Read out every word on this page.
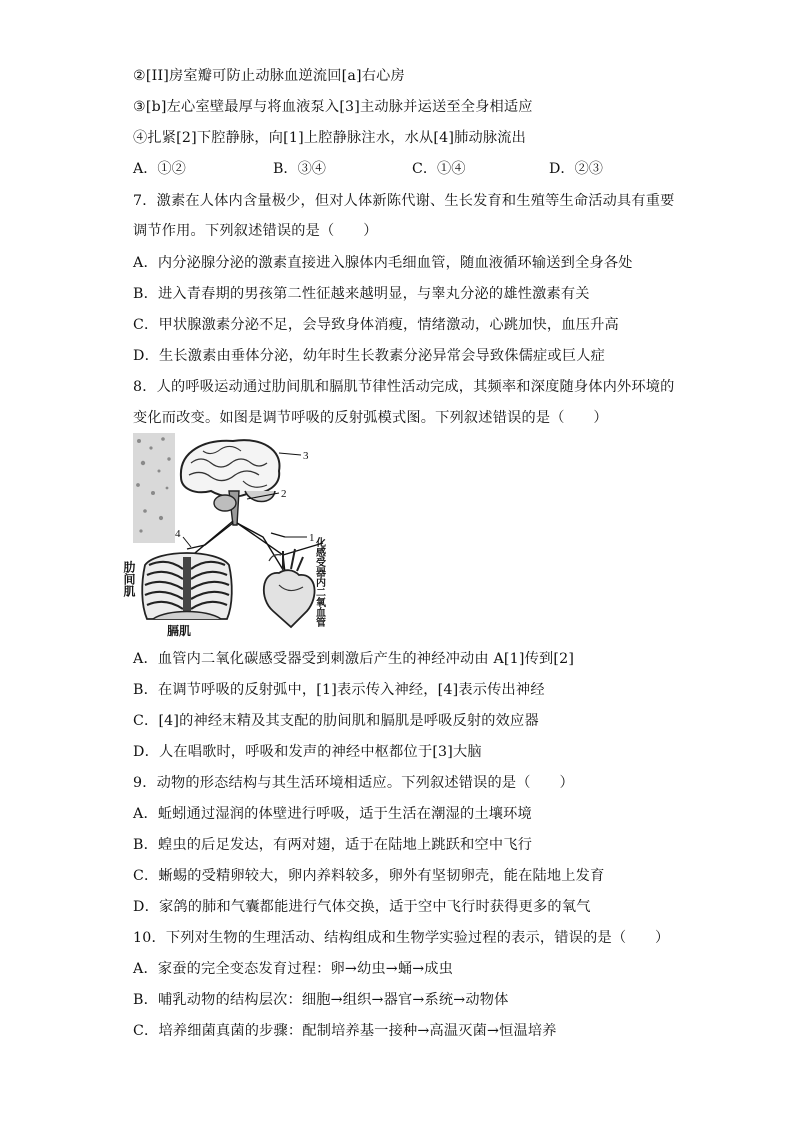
②[II]房室瓣可防止动脉血逆流回[a]右心房
③[b]左心室壁最厚与将血液泵入[3]主动脉并运送至全身相适应
④扎紧[2]下腔静脉，向[1]上腔静脉注水，水从[4]肺动脉流出
A．①②	B．③④	C．①④	D．②③
7．激素在人体内含量极少，但对人体新陈代谢、生长发育和生殖等生命活动具有重要
调节作用。下列叙述错误的是（　　）
A．内分泌腺分泌的激素直接进入腺体内毛细血管，随血液循环输送到全身各处
B．进入青春期的男孩第二性征越来越明显，与睾丸分泌的雄性激素有关
C．甲状腺激素分泌不足，会导致身体消瘦，情绪激动，心跳加快，血压升高
D．生长激素由垂体分泌，幼年时生长教素分泌异常会导致侏儒症或巨人症
8．人的呼吸运动通过肋间肌和膈肌节律性活动完成，其频率和深度随身体内外环境的
变化而改变。如图是调节呼吸的反射弧模式图。下列叙述错误的是（　　）
3
2
1
4
肋间肌
膈肌
化感受器内二氧血管
A．血管内二氧化碳感受器受到刺激后产生的神经冲动由 A[1]传到[2]
B．在调节呼吸的反射弧中，[1]表示传入神经，[4]表示传出神经
C．[4]的神经末精及其支配的肋间肌和膈肌是呼吸反射的效应器
D．人在唱歌时，呼吸和发声的神经中枢都位于[3]大脑
9．动物的形态结构与其生活环境相适应。下列叙述错误的是（　　）
A．蚯蚓通过湿润的体壁进行呼吸，适于生活在潮湿的土壤环境
B．蝗虫的后足发达，有两对翅，适于在陆地上跳跃和空中飞行
C．蜥蜴的受精卵较大，卵内养料较多，卵外有坚韧卵壳，能在陆地上发育
D．家鸽的肺和气囊都能进行气体交换，适于空中飞行时获得更多的氧气
10．下列对生物的生理活动、结构组成和生物学实验过程的表示，错误的是（　　）
A．家蚕的完全变态发育过程：卵→幼虫→蛹→成虫
B．哺乳动物的结构层次：细胞→组织→器官→系统→动物体
C．培养细菌真菌的步骤：配制培养基一接种→高温灭菌→恒温培养
